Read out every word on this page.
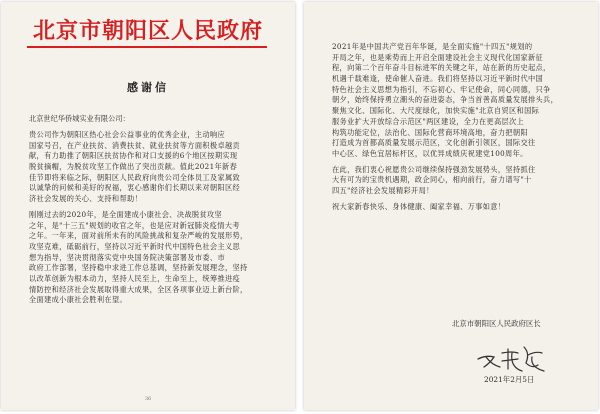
北京市朝阳区人民政府
感谢信
北京世纪华侨城实业有限公司：
贵公司作为朝阳区热心社会公益事业的优秀企业，主动响应
国家号召，在产业扶贫、消费扶贫、就业扶贫等方面积极卓越贡
献，有力助推了朝阳区扶贫协作和对口支援的6个地区按期实现
脱贫摘帽，为脱贫攻坚工作做出了突出贡献。值此2021年新春
佳节即将来临之际，朝阳区人民政府向贵公司全体员工及家属致
以诚挚的问候和美好的祝福，衷心感谢你们长期以来对朝阳区经
济社会发展的关心、支持和帮助！
刚刚过去的2020年，是全面建成小康社会、决战脱贫攻坚
之年，是"十三五"规划的收官之年，也是应对新冠肺炎疫情大考
之年。一年来，面对前所未有的风险挑战和复杂严峻的发展形势，
攻坚克难，砥砺前行，坚持以习近平新时代中国特色社会主义思
想为指导，坚决贯彻落实党中央国务院决策部署及市委、市
政府工作部署，坚持稳中求进工作总基调，坚持新发展理念，坚持
以改革创新为根本动力，坚持人民至上，生命至上，统筹推进疫
情防控和经济社会发展取得重大成果，全区各项事业迈上新台阶，
全面建成小康社会胜利在望。
36
2021年是中国共产党百年华诞，是全面实施"十四五"规划的
开局之年，也是乘势而上开启全面建设社会主义现代化国家新征
程，向第二个百年奋斗目标进军的关键之年，站在新的历史起点，
机遇千载难逢，使命催人奋进。我们将坚持以习近平新时代中国
特色社会主义思想为指引，不忘初心、牢记使命，同心同德，只争
朝夕，始终保持勇立潮头的奋进姿态，争当首善高质量发展排头兵，
聚焦文化、国际化、大尺度绿化，加快实施"北京自贸区和国际
服务业扩大开放综合示范区"两区建设，全力在更高层次上
构筑功能定位，法治化、国际化营商环境高地，奋力把朝阳
打造成为首都高质量发展示范区，文化创新引领区，国际交往
中心区、绿色宜居标杆区，以优异成绩庆祝建党100周年。
在此，我们衷心祝愿贵公司继续保持强劲发展势头，坚持抓住
大有可为的宝贵机遇期，政企同心，相向前行，奋力谱写"十
四五"经济社会发展精彩开局！
祝大家新春快乐、身体健康、阖家幸福、万事如意！
北京市朝阳区人民政府区长
2021年2月5日
